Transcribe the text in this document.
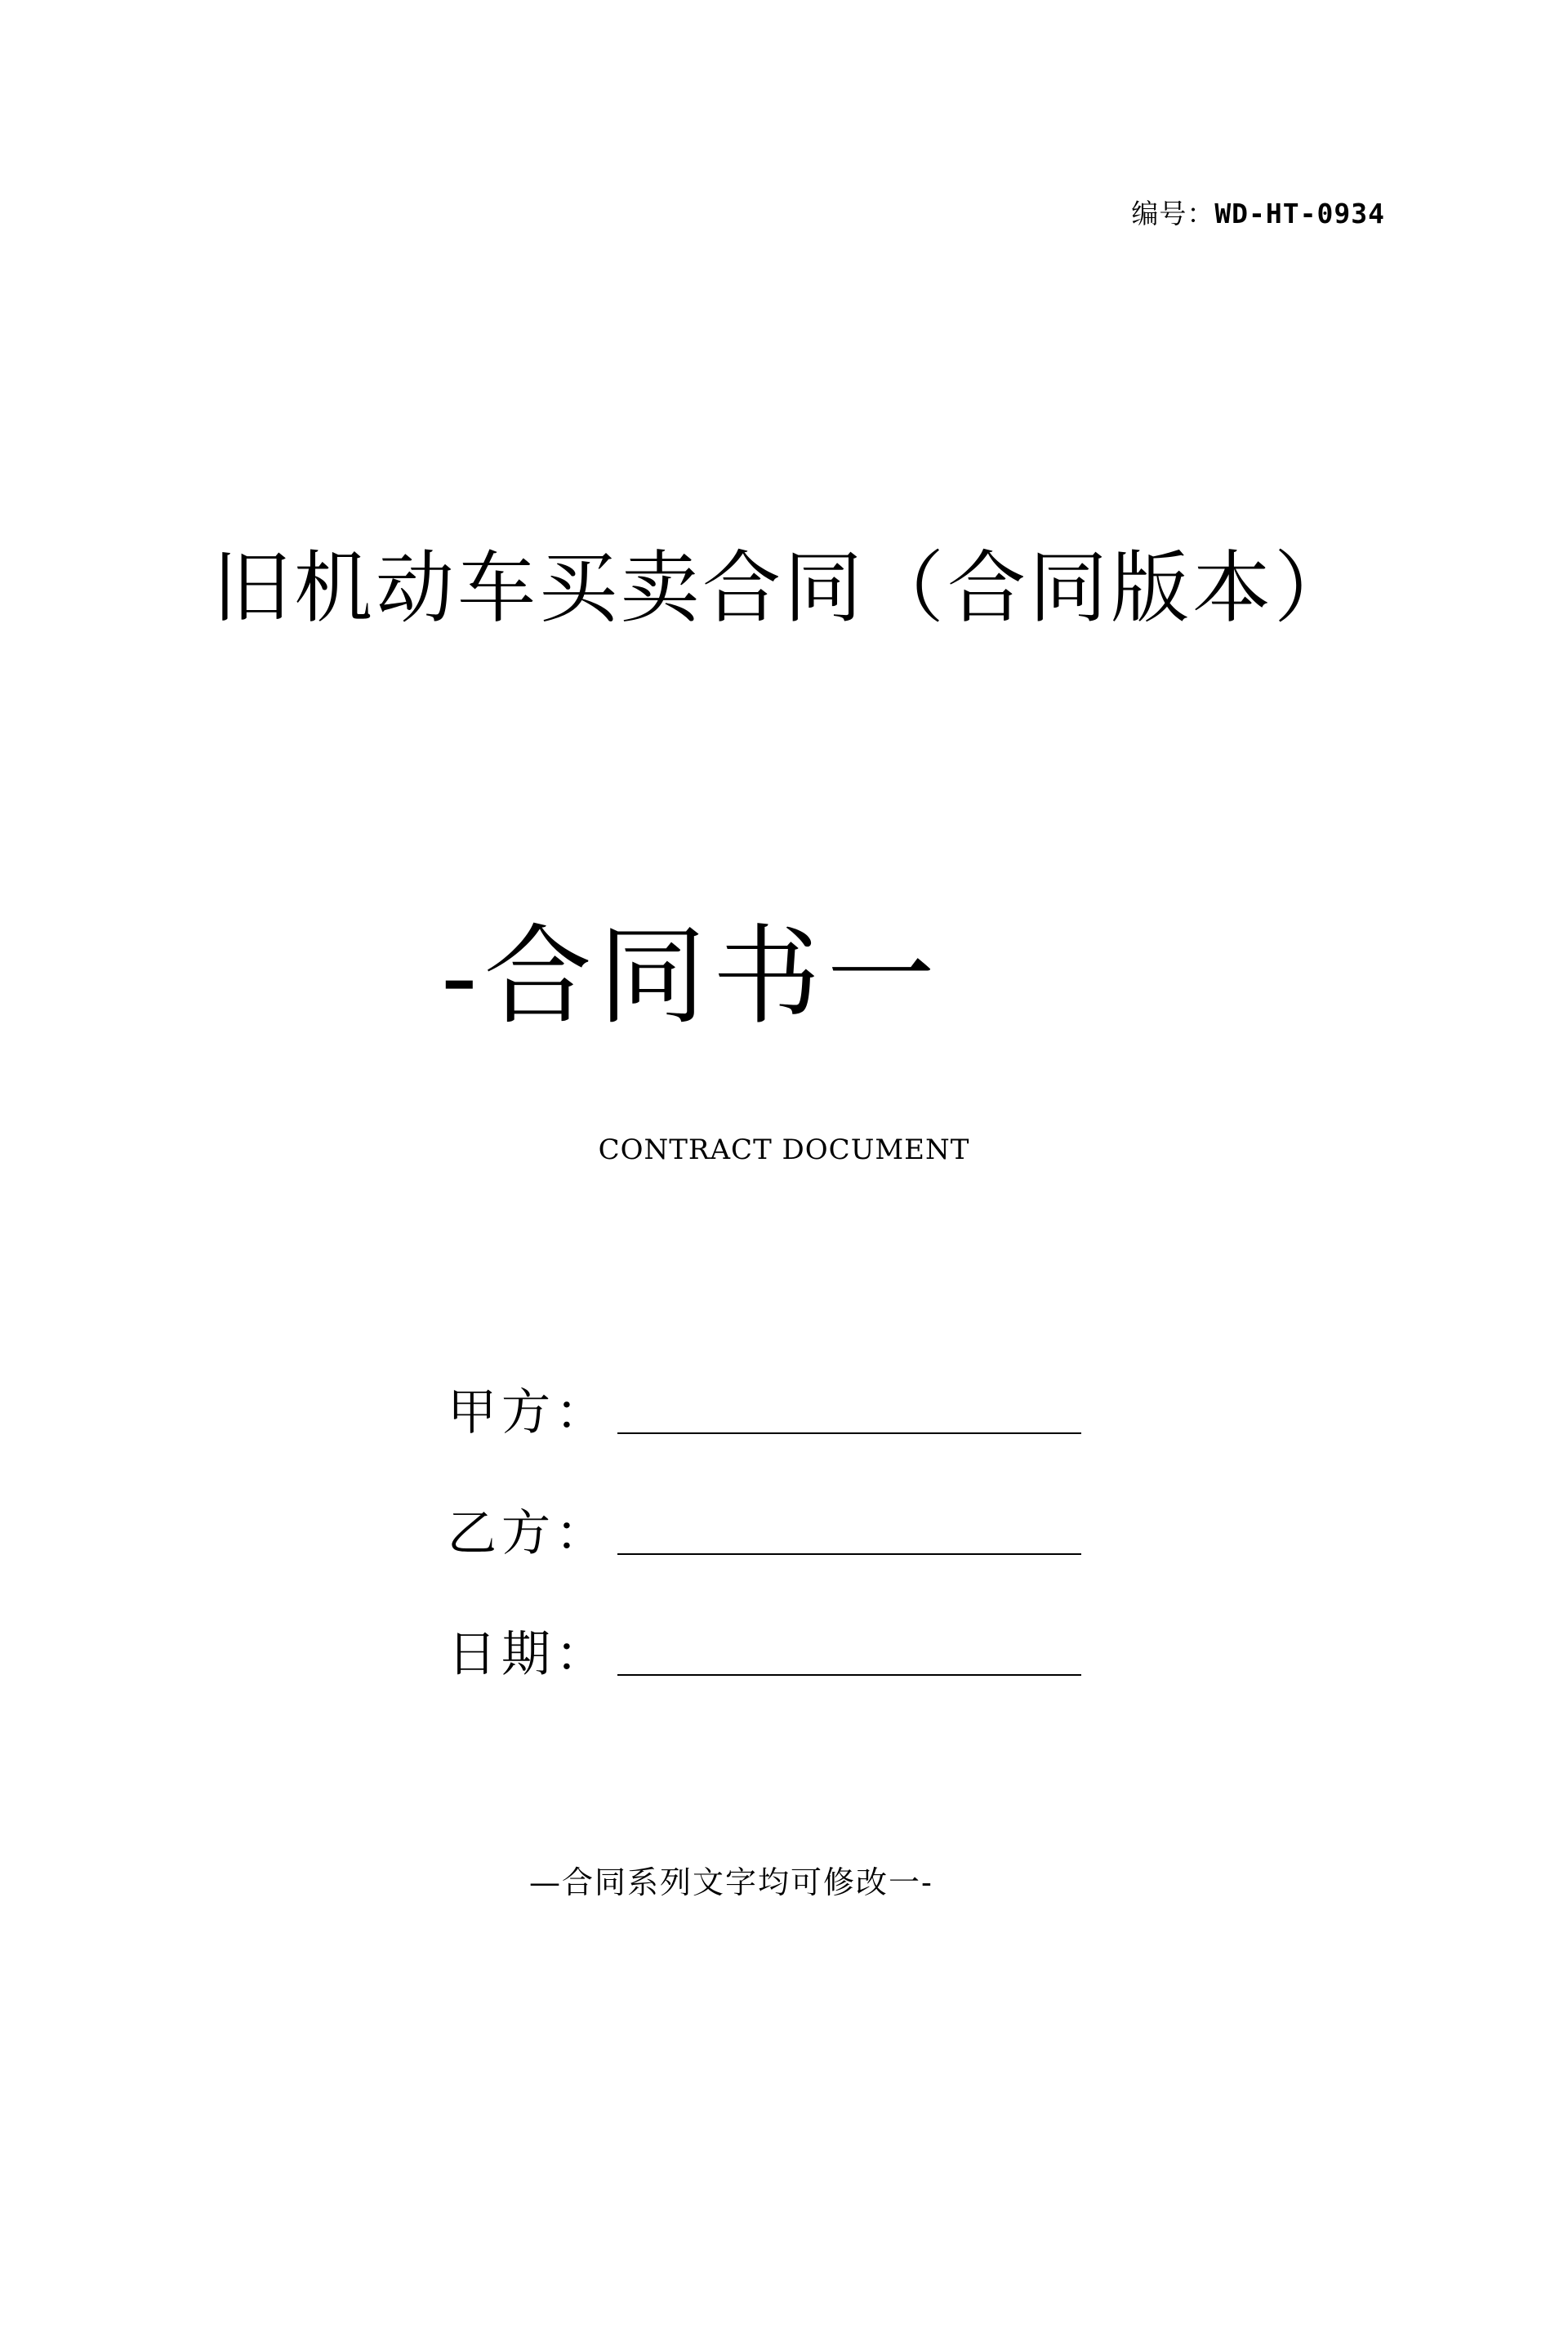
编号：WD-HT-0934
旧机动车买卖合同（合同版本）
-合同书一
CONTRACT DOCUMENT
甲方：
乙方：
日期：
—合同系列文字均可修改一-
